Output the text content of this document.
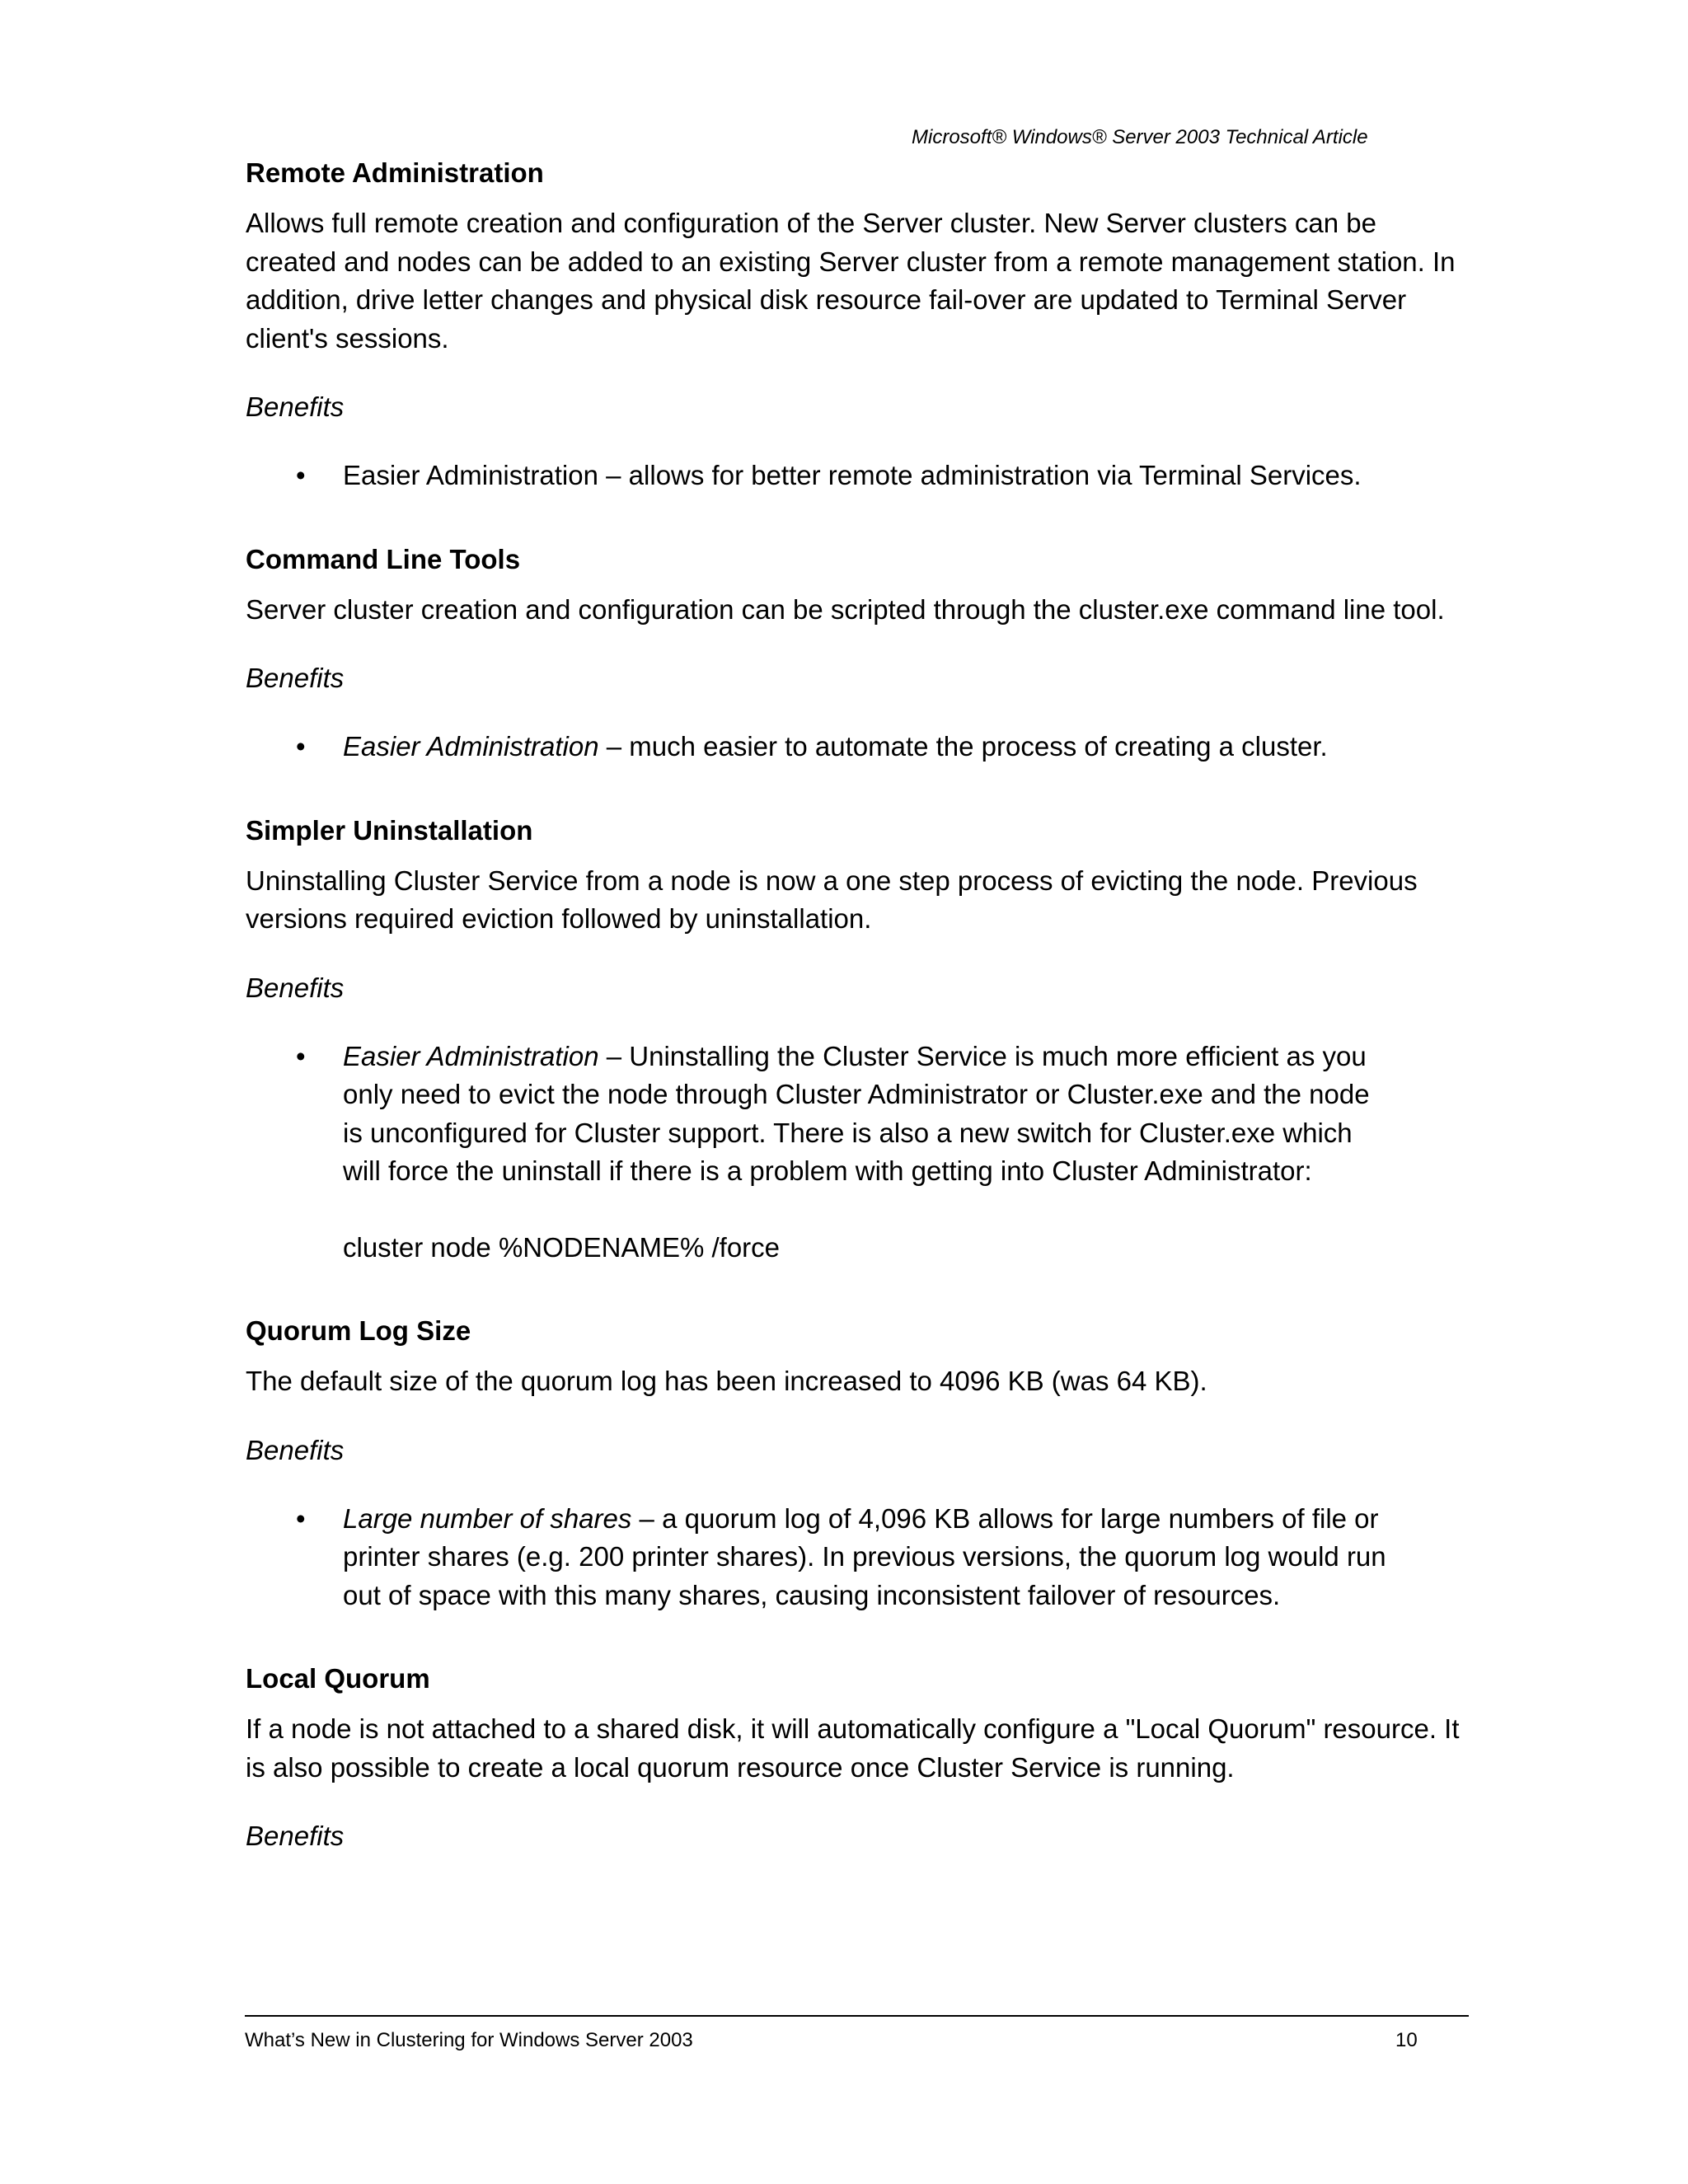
Microsoft® Windows® Server 2003 Technical Article
Remote Administration
Allows full remote creation and configuration of the Server cluster. New Server clusters can be created and nodes can be added to an existing Server cluster from a remote management station. In addition, drive letter changes and physical disk resource fail-over are updated to Terminal Server client's sessions.
Benefits
• Easier Administration – allows for better remote administration via Terminal Services.
Command Line Tools
Server cluster creation and configuration can be scripted through the cluster.exe command line tool.
Benefits
• Easier Administration – much easier to automate the process of creating a cluster.
Simpler Uninstallation
Uninstalling Cluster Service from a node is now a one step process of evicting the node. Previous versions required eviction followed by uninstallation.
Benefits
• Easier Administration – Uninstalling the Cluster Service is much more efficient as you only need to evict the node through Cluster Administrator or Cluster.exe and the node is unconfigured for Cluster support. There is also a new switch for Cluster.exe which will force the uninstall if there is a problem with getting into Cluster Administrator:
cluster node %NODENAME% /force
Quorum Log Size
The default size of the quorum log has been increased to 4096 KB (was 64 KB).
Benefits
• Large number of shares – a quorum log of 4,096 KB allows for large numbers of file or printer shares (e.g. 200 printer shares). In previous versions, the quorum log would run out of space with this many shares, causing inconsistent failover of resources.
Local Quorum
If a node is not attached to a shared disk, it will automatically configure a "Local Quorum" resource. It is also possible to create a local quorum resource once Cluster Service is running.
Benefits
What’s New in Clustering for Windows Server 2003	10
